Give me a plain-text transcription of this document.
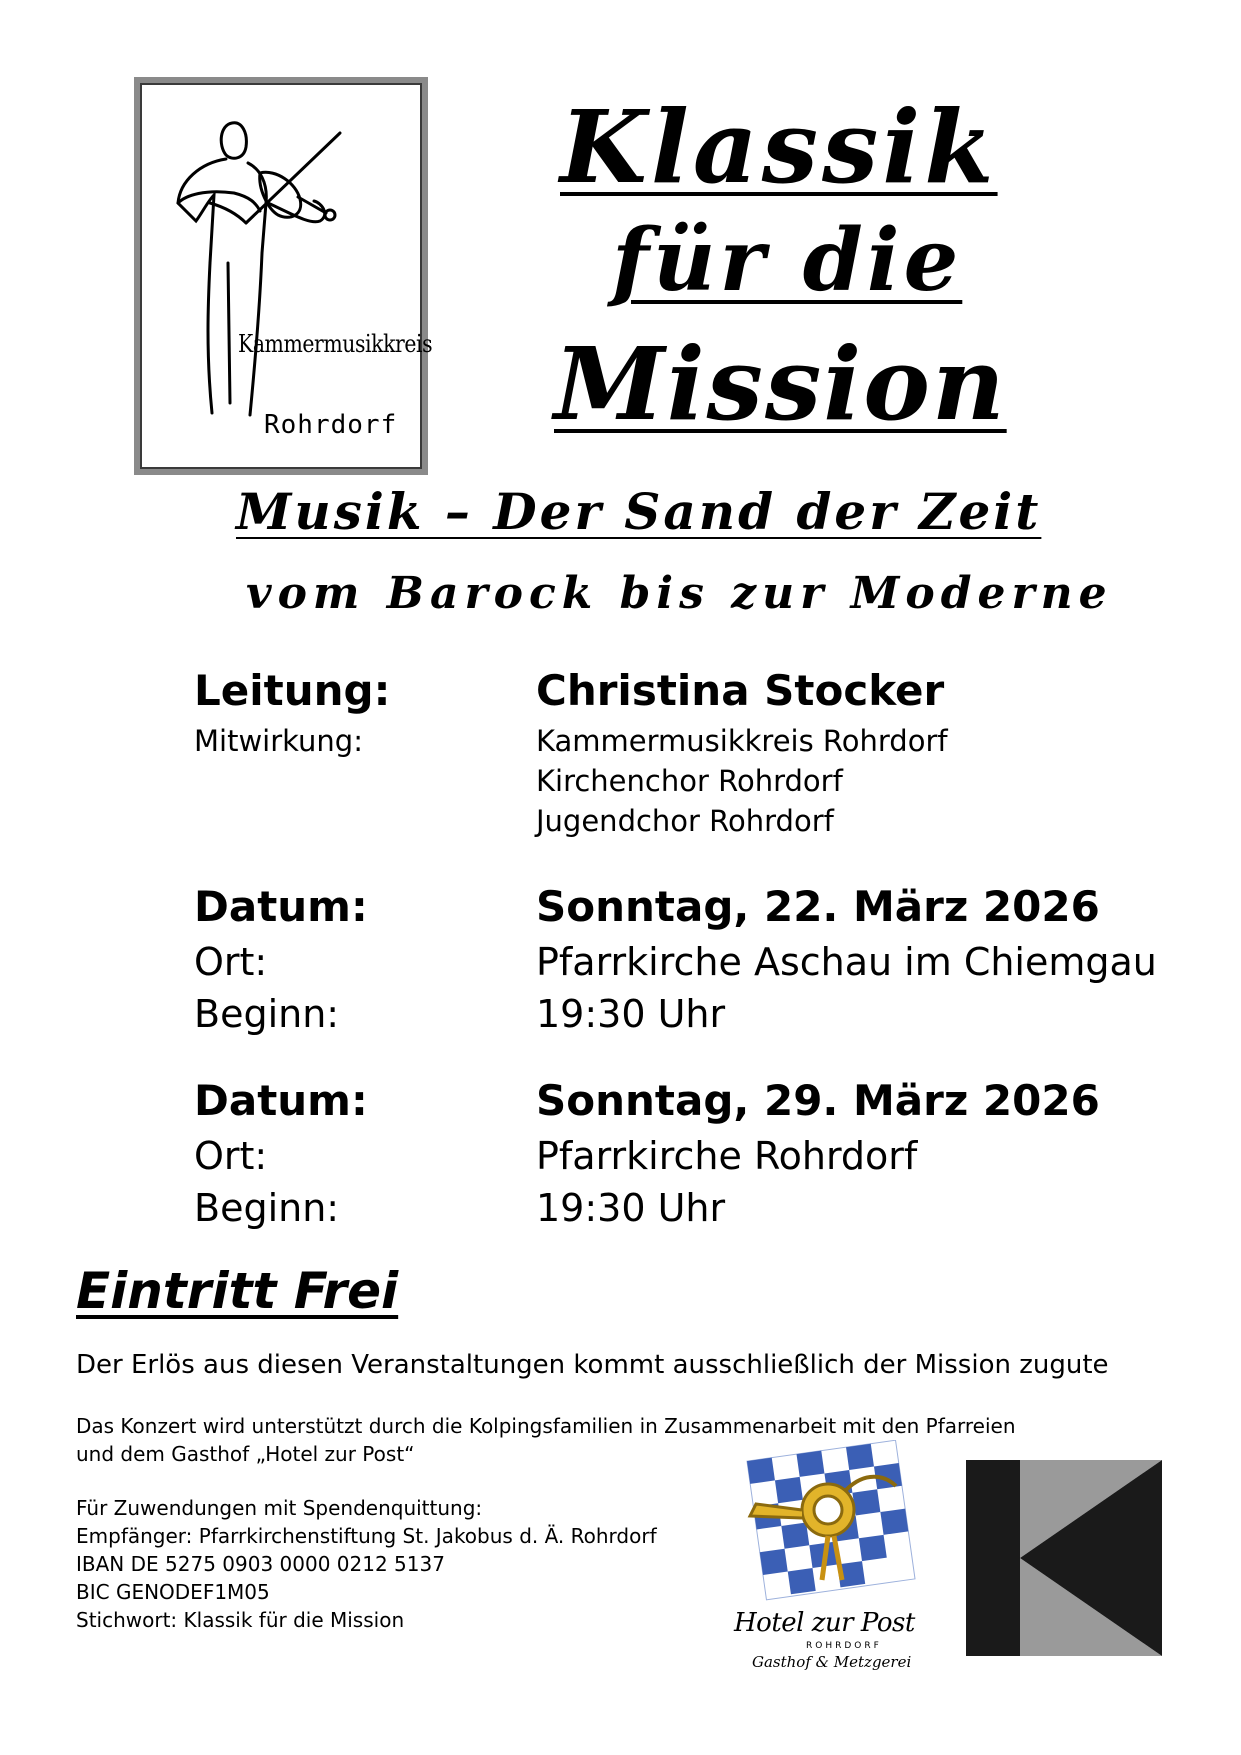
Kammermusikkreis
Rohrdorf
Klassik
für die
Mission
Musik – Der Sand der Zeit
vom Barock bis zur Moderne
Leitung:	Christina Stocker
Mitwirkung:	Kammermusikkreis Rohrdorf
Kirchenchor Rohrdorf
Jugendchor Rohrdorf
Datum:	Sonntag, 22. März 2026
Ort:	Pfarrkirche Aschau im Chiemgau
Beginn:	19:30 Uhr
Datum:	Sonntag, 29. März 2026
Ort:	Pfarrkirche Rohrdorf
Beginn:	19:30 Uhr
Eintritt Frei
Der Erlös aus diesen Veranstaltungen kommt ausschließlich der Mission zugute
Das Konzert wird unterstützt durch die Kolpingsfamilien in Zusammenarbeit mit den Pfarreien
und dem Gasthof „Hotel zur Post“
Für Zuwendungen mit Spendenquittung:
Empfänger: Pfarrkirchenstiftung St. Jakobus d. Ä. Rohrdorf
IBAN DE 5275 0903 0000 0212 5137
BIC GENODEF1M05
Stichwort: Klassik für die Mission	Hotel zur Post
ROHRDORF
Gasthof & Metzgerei
